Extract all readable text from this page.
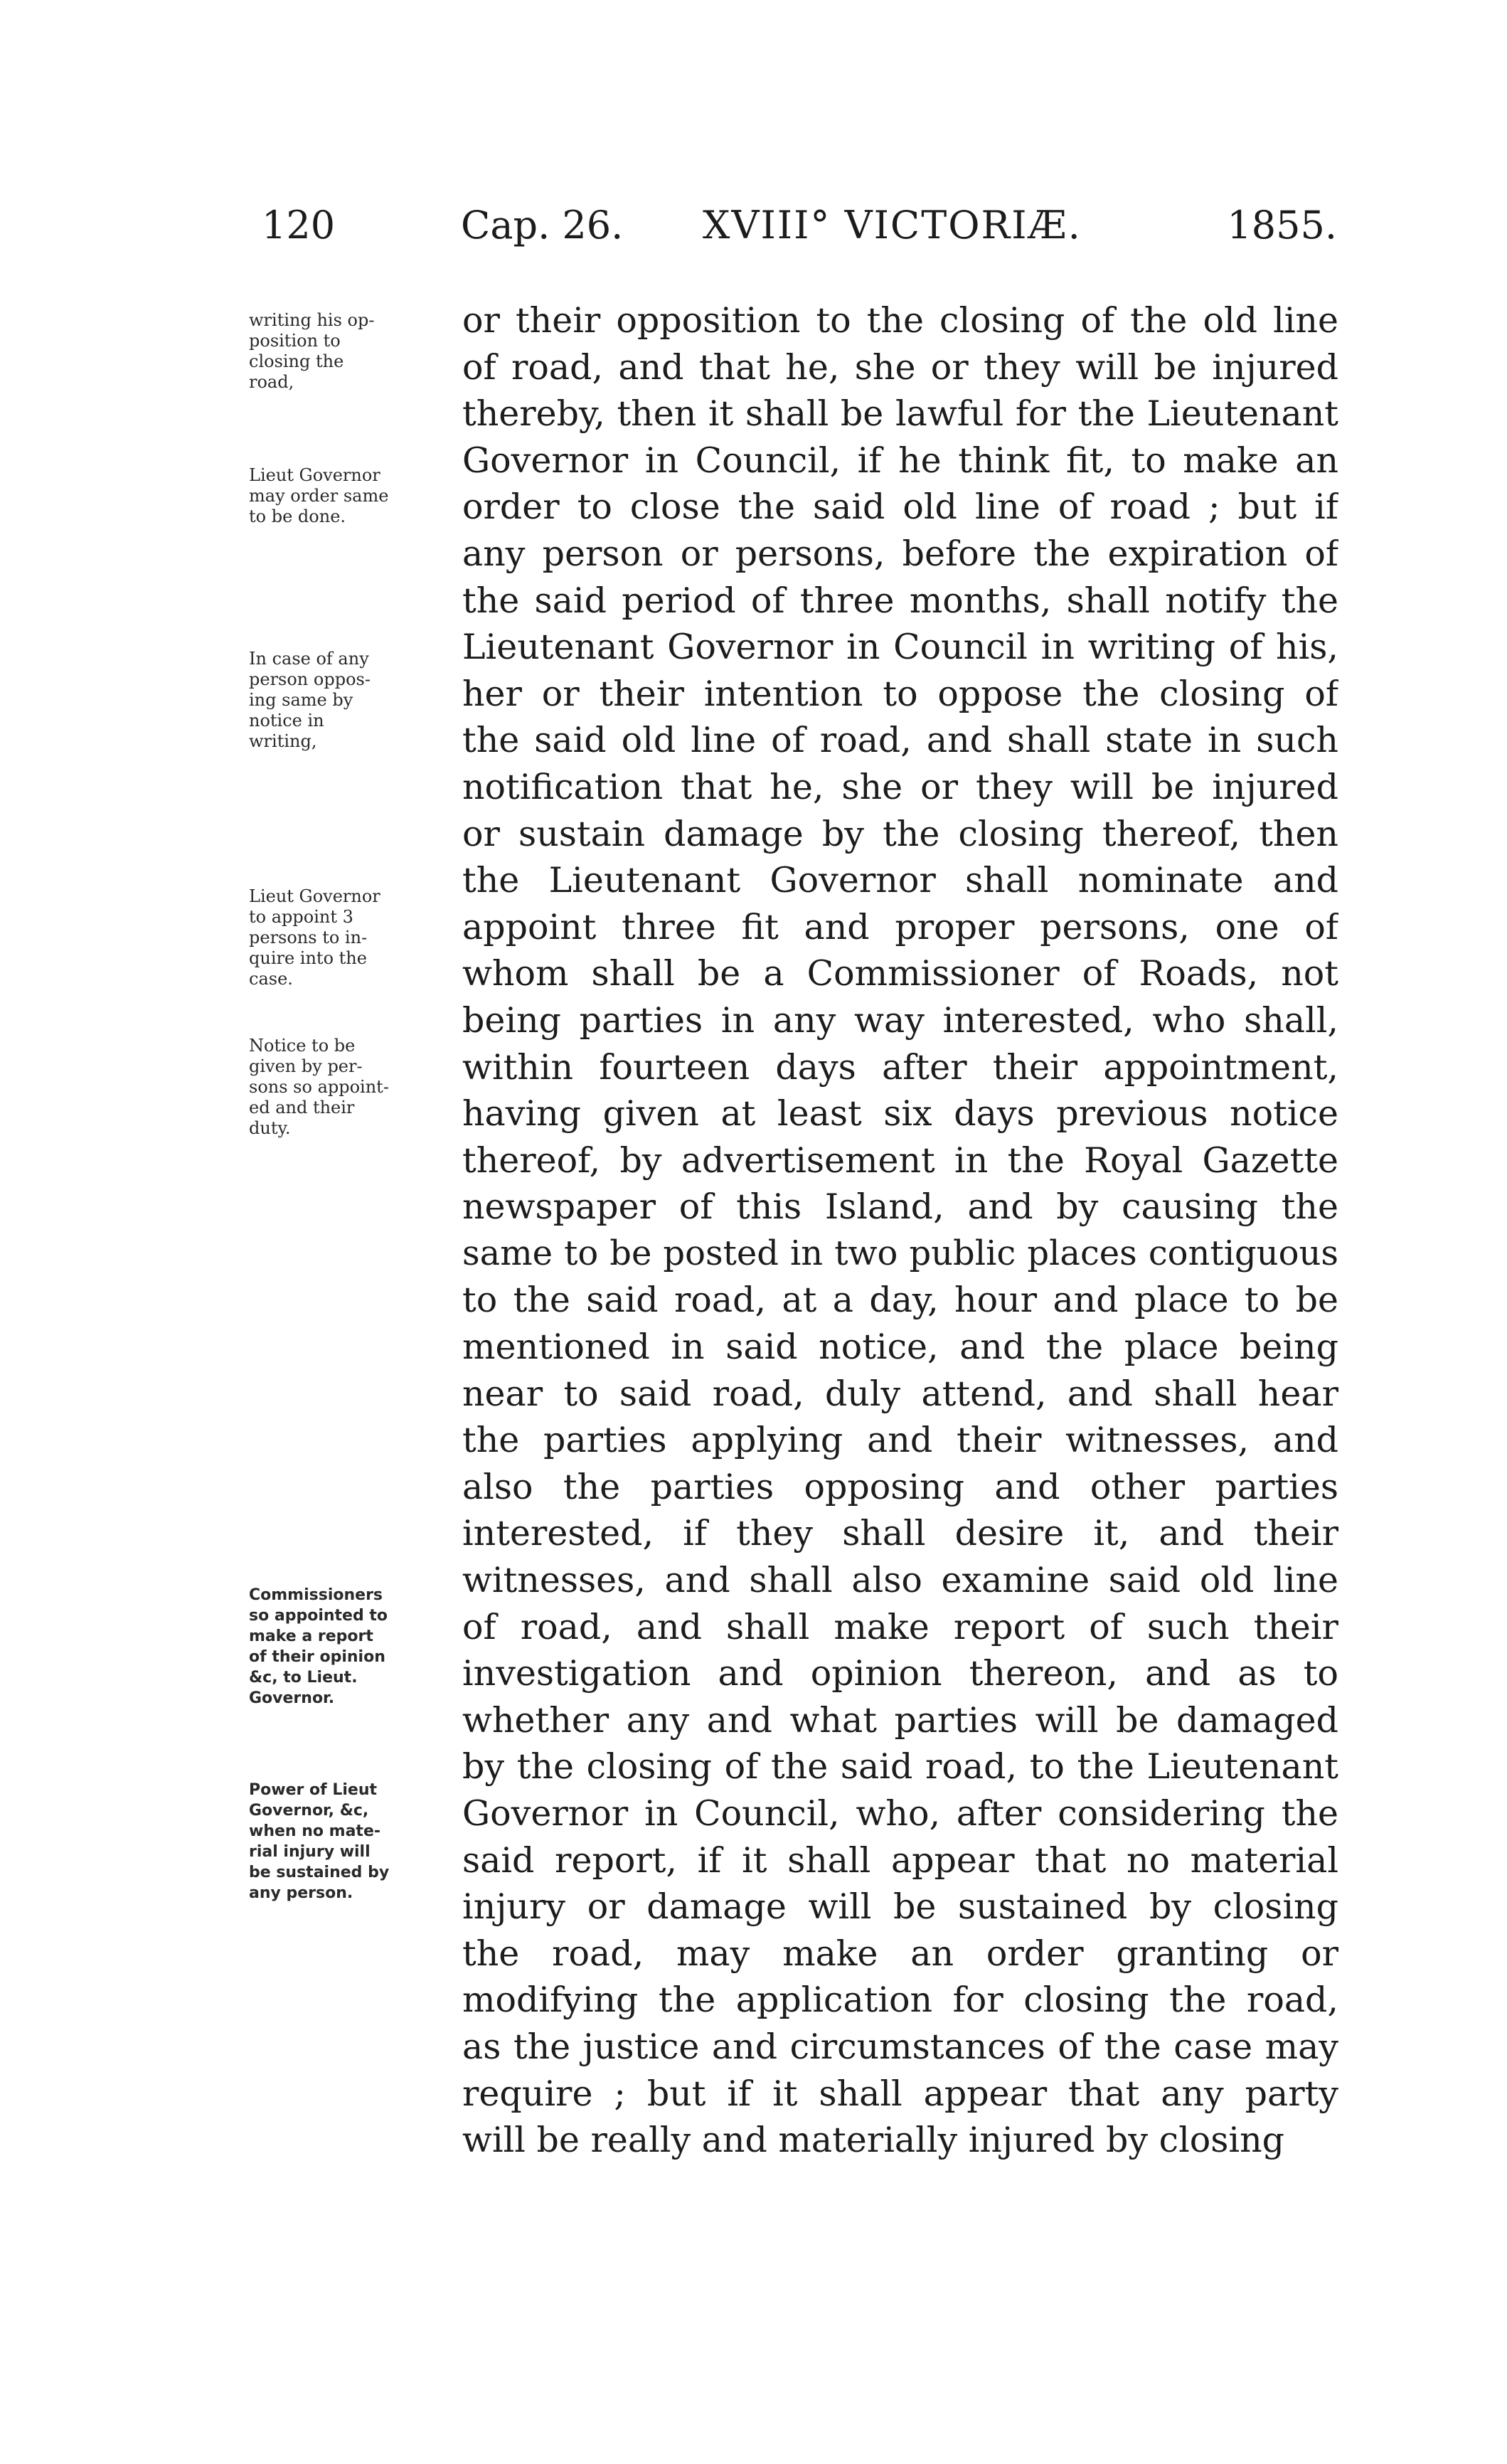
120	Cap. 26. XVIII° VICTORIÆ.	1855.
writing his op-
position to
closing the
road,
Lieut Governor
may order same
to be done.
In case of any
person oppos-
ing same by
notice in
writing,
Lieut Governor
to appoint 3
persons to in-
quire into the
case.
Notice to be
given by per-
sons so appoint-
ed and their
duty.
Commissioners
so appointed to
make a report
of their opinion
&c, to Lieut.
Governor.
Power of Lieut
Governor, &c,
when no mate-
rial injury will
be sustained by
any person.
or their opposition to the closing of the old line
of road, and that he, she or they will be injured
thereby, then it shall be lawful for the Lieutenant
Governor in Council, if he think fit, to make an
order to close the said old line of road ; but if
any person or persons, before the expiration of
the said period of three months, shall notify the
Lieutenant Governor in Council in writing of his,
her or their intention to oppose the closing of
the said old line of road, and shall state in such
notification that he, she or they will be injured
or sustain damage by the closing thereof, then
the Lieutenant Governor shall nominate and
appoint three fit and proper persons, one of
whom shall be a Commissioner of Roads, not
being parties in any way interested, who shall,
within fourteen days after their appointment,
having given at least six days previous notice
thereof, by advertisement in the Royal Gazette
newspaper of this Island, and by causing the
same to be posted in two public places contiguous
to the said road, at a day, hour and place to be
mentioned in said notice, and the place being
near to said road, duly attend, and shall hear
the parties applying and their witnesses, and
also the parties opposing and other parties
interested, if they shall desire it, and their
witnesses, and shall also examine said old line
of road, and shall make report of such their
investigation and opinion thereon, and as to
whether any and what parties will be damaged
by the closing of the said road, to the Lieutenant
Governor in Council, who, after considering the
said report, if it shall appear that no material
injury or damage will be sustained by closing
the road, may make an order granting or
modifying the application for closing the road,
as the justice and circumstances of the case may
require ; but if it shall appear that any party
will be really and materially injured by closing
